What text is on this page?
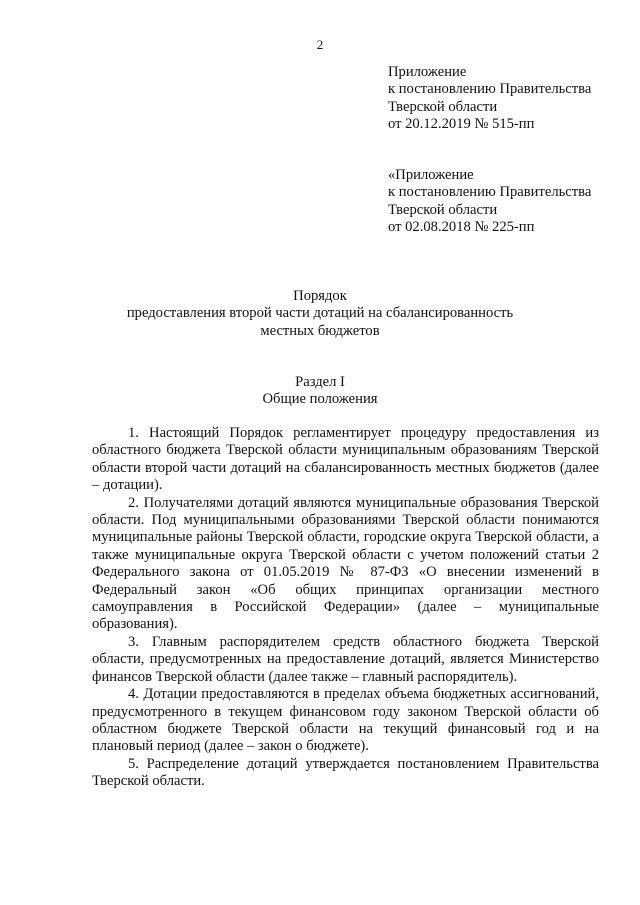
2
Приложение
к постановлению Правительства
Тверской области
от 20.12.2019 № 515-пп
«Приложение
к постановлению Правительства
Тверской области
от 02.08.2018 № 225-пп
Порядок
предоставления второй части дотаций на сбалансированность
местных бюджетов
Раздел I
Общие положения

1. Настоящий Порядок регламентирует процедуру предоставления из областного бюджета Тверской области муниципальным образованиям Тверской области второй части дотаций на сбалансированность местных бюджетов (далее – дотации).

2. Получателями дотаций являются муниципальные образования Тверской области. Под муниципальными образованиями Тверской области понимаются муниципальные районы Тверской области, городские округа Тверской области, а также муниципальные округа Тверской области с учетом положений статьи 2 Федерального закона от 01.05.2019 № 87-ФЗ «О внесении изменений в Федеральный закон «Об общих принципах организации местного самоуправления в Российской Федерации» (далее – муниципальные образования).

3. Главным распорядителем средств областного бюджета Тверской области, предусмотренных на предоставление дотаций, является Министерство финансов Тверской области (далее также – главный распорядитель).

4. Дотации предоставляются в пределах объема бюджетных ассигнований, предусмотренного в текущем финансовом году законом Тверской области об областном бюджете Тверской области на текущий финансовый год и на плановый период (далее – закон о бюджете).

5. Распределение дотаций утверждается постановлением Правительства Тверской области.
